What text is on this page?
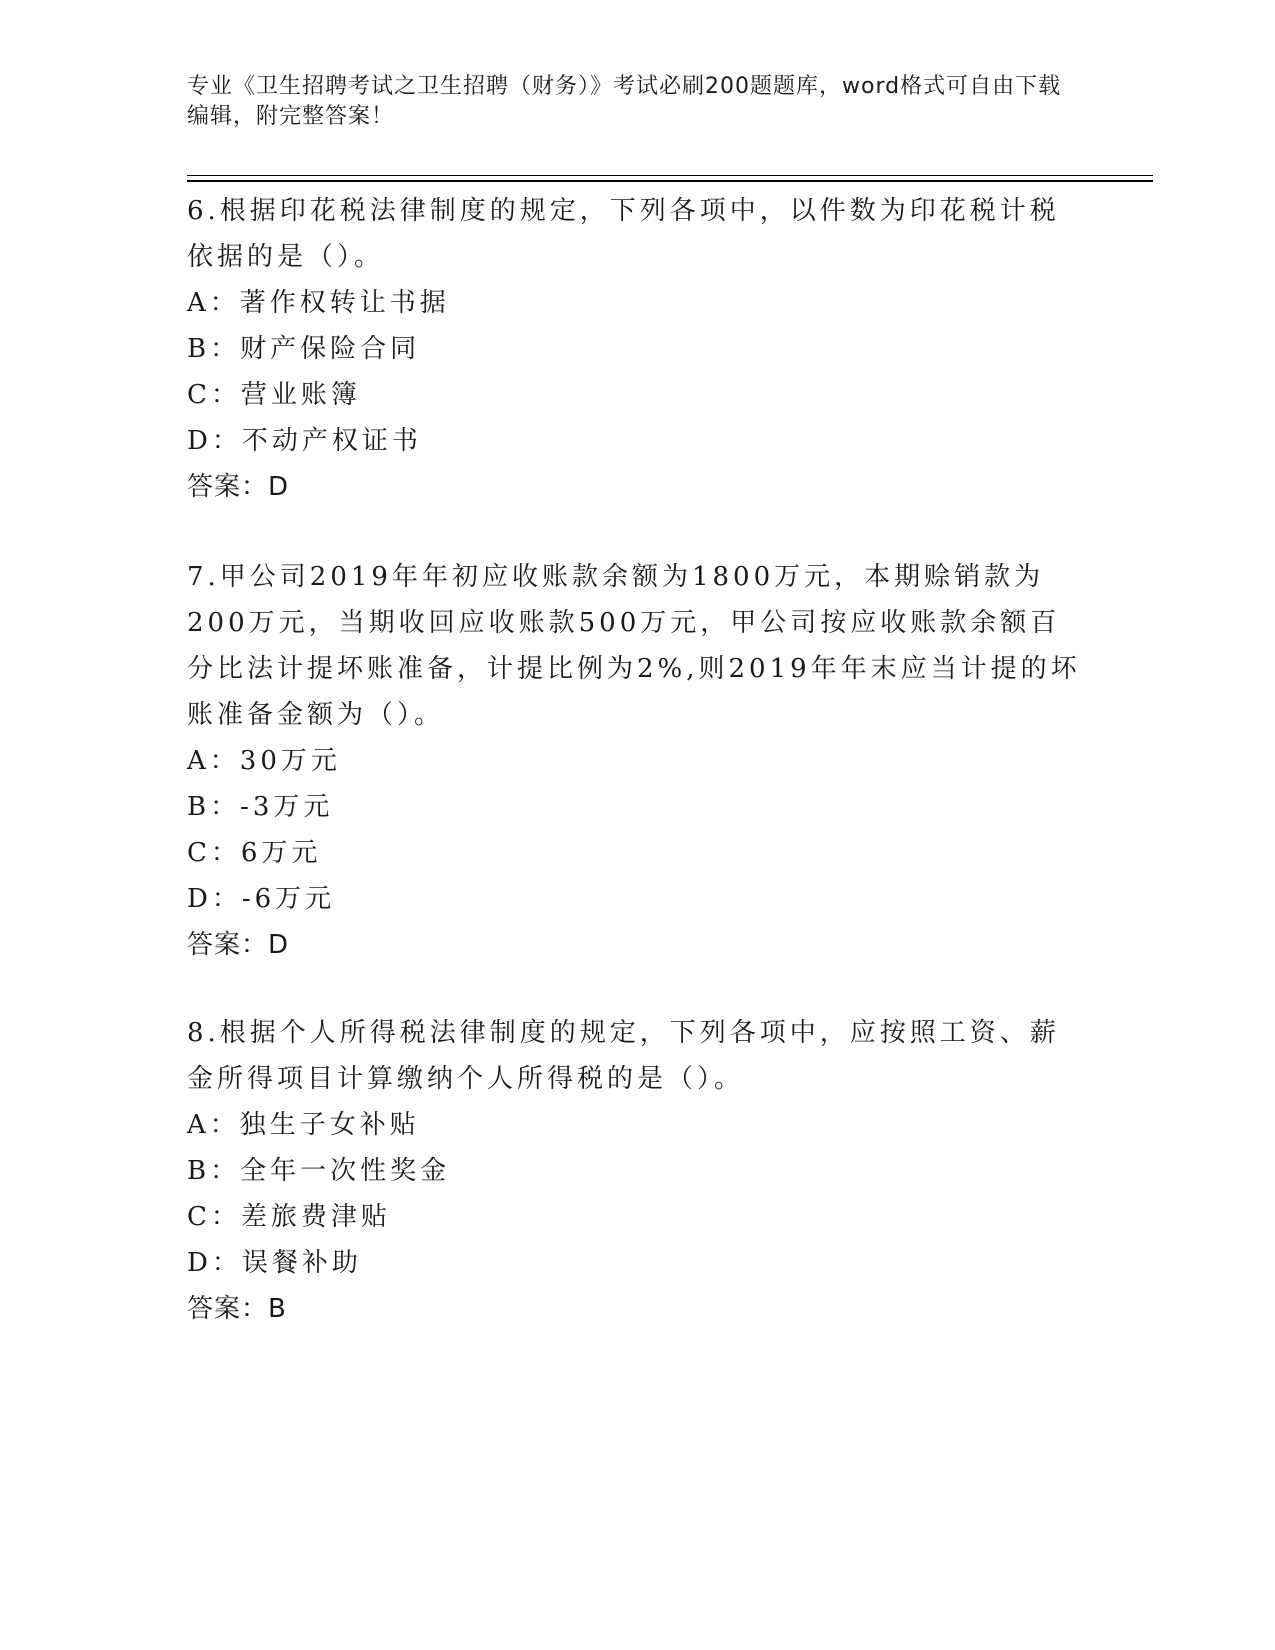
专业《卫生招聘考试之卫生招聘（财务）》考试必刷200题题库，word格式可自由下载编辑，附完整答案！

6.根据印花税法律制度的规定，下列各项中，以件数为印花税计税依据的是（）。

A：著作权转让书据

B：财产保险合同

C：营业账簿

D：不动产权证书

答案：D

7.甲公司2019年年初应收账款余额为1800万元，本期赊销款为200万元，当期收回应收账款500万元，甲公司按应收账款余额百分比法计提坏账准备，计提比例为2%,则2019年年末应当计提的坏账准备金额为（）。

A：30万元

B：-3万元

C：6万元

D：-6万元

答案：D

8.根据个人所得税法律制度的规定，下列各项中，应按照工资、薪金所得项目计算缴纳个人所得税的是（）。

A：独生子女补贴

B：全年一次性奖金

C：差旅费津贴

D：误餐补助

答案：B
